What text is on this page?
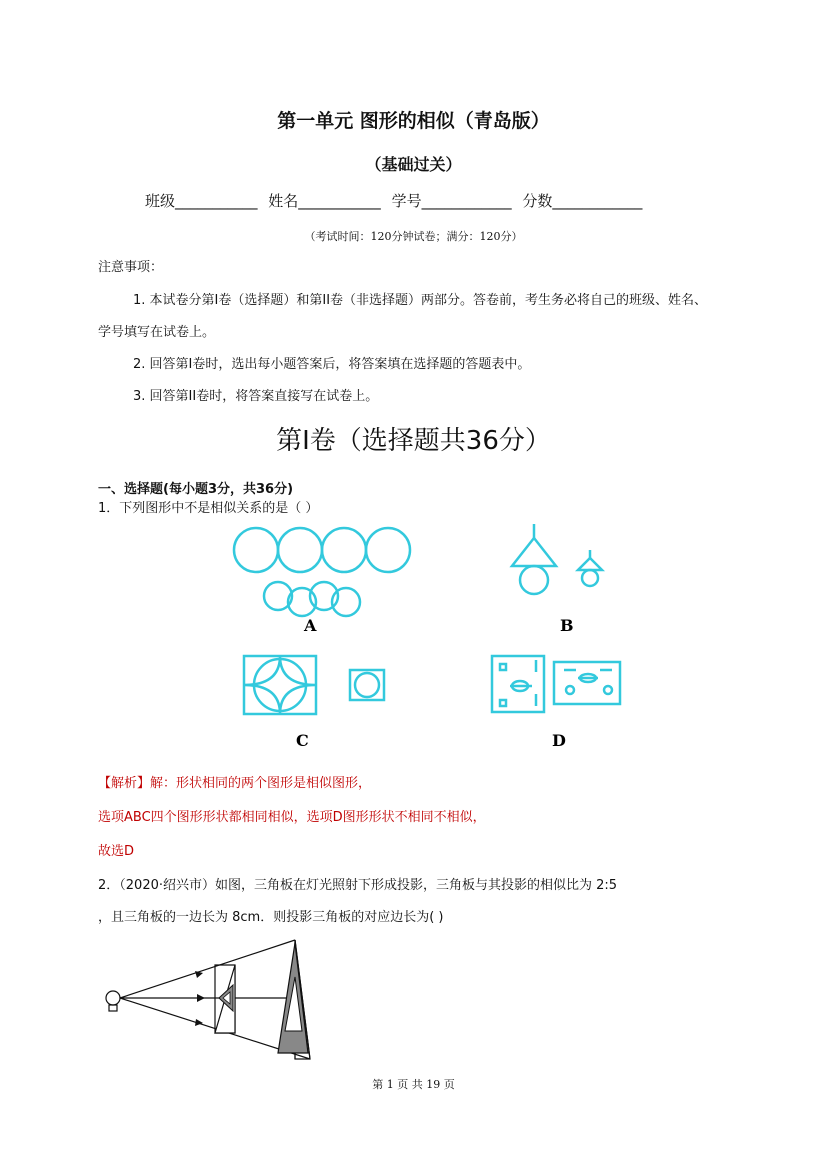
第一单元 图形的相似（青岛版）
（基础过关）
班级___________ 姓名___________ 学号____________ 分数____________
（考试时间：120分钟试卷；满分：120分）
注意事项：
1. 本试卷分第I卷（选择题）和第II卷（非选择题）两部分。答卷前，考生务必将自己的班级、姓名、
学号填写在试卷上。
2. 回答第I卷时，选出每小题答案后，将答案填在选择题的答题表中。
3. 回答第II卷时，将答案直接写在试卷上。
第I卷（选择题共36分）
一、选择题(每小题3分，共36分)
1．下列图形中不是相似关系的是（ ）
A	B
C	D
【解析】解：形状相同的两个图形是相似图形，
选项ABC四个图形形状都相同相似，选项D图形形状不相同不相似，
故选D
2．（2020·绍兴市）如图，三角板在灯光照射下形成投影，三角板与其投影的相似比为 2:5
，且三角板的一边长为 8cm．则投影三角板的对应边长为( )
第 1 页 共 19 页
